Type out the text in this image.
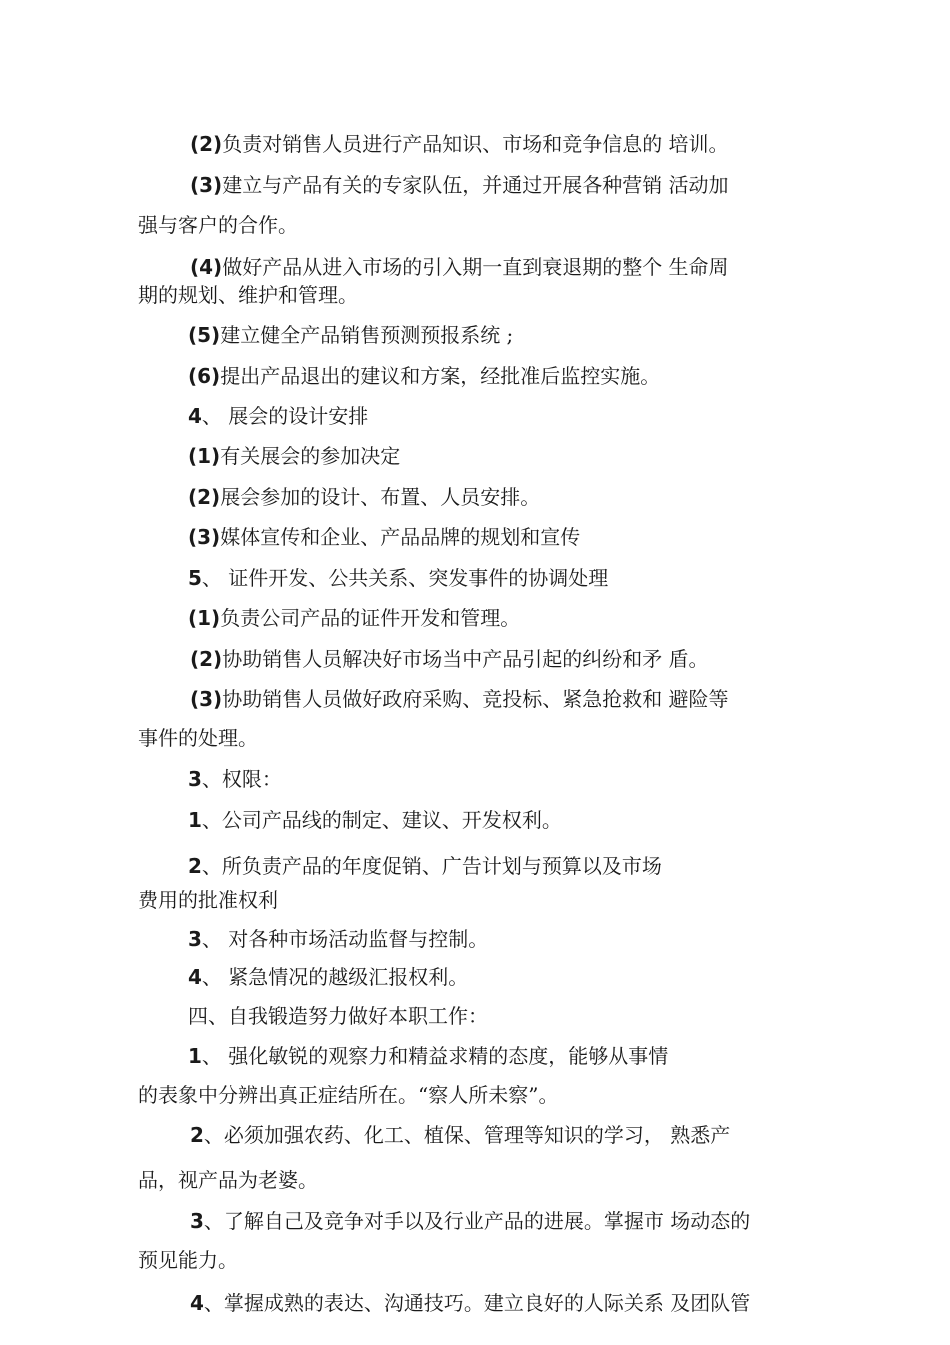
(2)负责对销售人员进行产品知识、市场和竞争信息的 培训。
(3)建立与产品有关的专家队伍，并通过开展各种营销 活动加
强与客户的合作。
(4)做好产品从进入市场的引入期一直到衰退期的整个 生命周
期的规划、维护和管理。
(5)建立健全产品销售预测预报系统 ;
(6)提出产品退出的建议和方案，经批准后监控实施。
4、 展会的设计安排
(1)有关展会的参加决定
(2)展会参加的设计、布置、人员安排。
(3)媒体宣传和企业、产品品牌的规划和宣传
5、 证件开发、公共关系、突发事件的协调处理
(1)负责公司产品的证件开发和管理。
(2)协助销售人员解决好市场当中产品引起的纠纷和矛 盾。
(3)协助销售人员做好政府采购、竞投标、紧急抢救和 避险等
事件的处理。
3、权限：
1、公司产品线的制定、建议、开发权利。
2、所负责产品的年度促销、广告计划与预算以及市场
费用的批准权利
3、 对各种市场活动监督与控制。
4、 紧急情况的越级汇报权利。
四、自我锻造努力做好本职工作：
1、 强化敏锐的观察力和精益求精的态度，能够从事情
的表象中分辨出真正症结所在。“察人所未察”。
2、必须加强农药、化工、植保、管理等知识的学习， 熟悉产
品，视产品为老婆。
3、了解自己及竞争对手以及行业产品的进展。掌握市 场动态的
预见能力。
4、掌握成熟的表达、沟通技巧。建立良好的人际关系 及团队管
